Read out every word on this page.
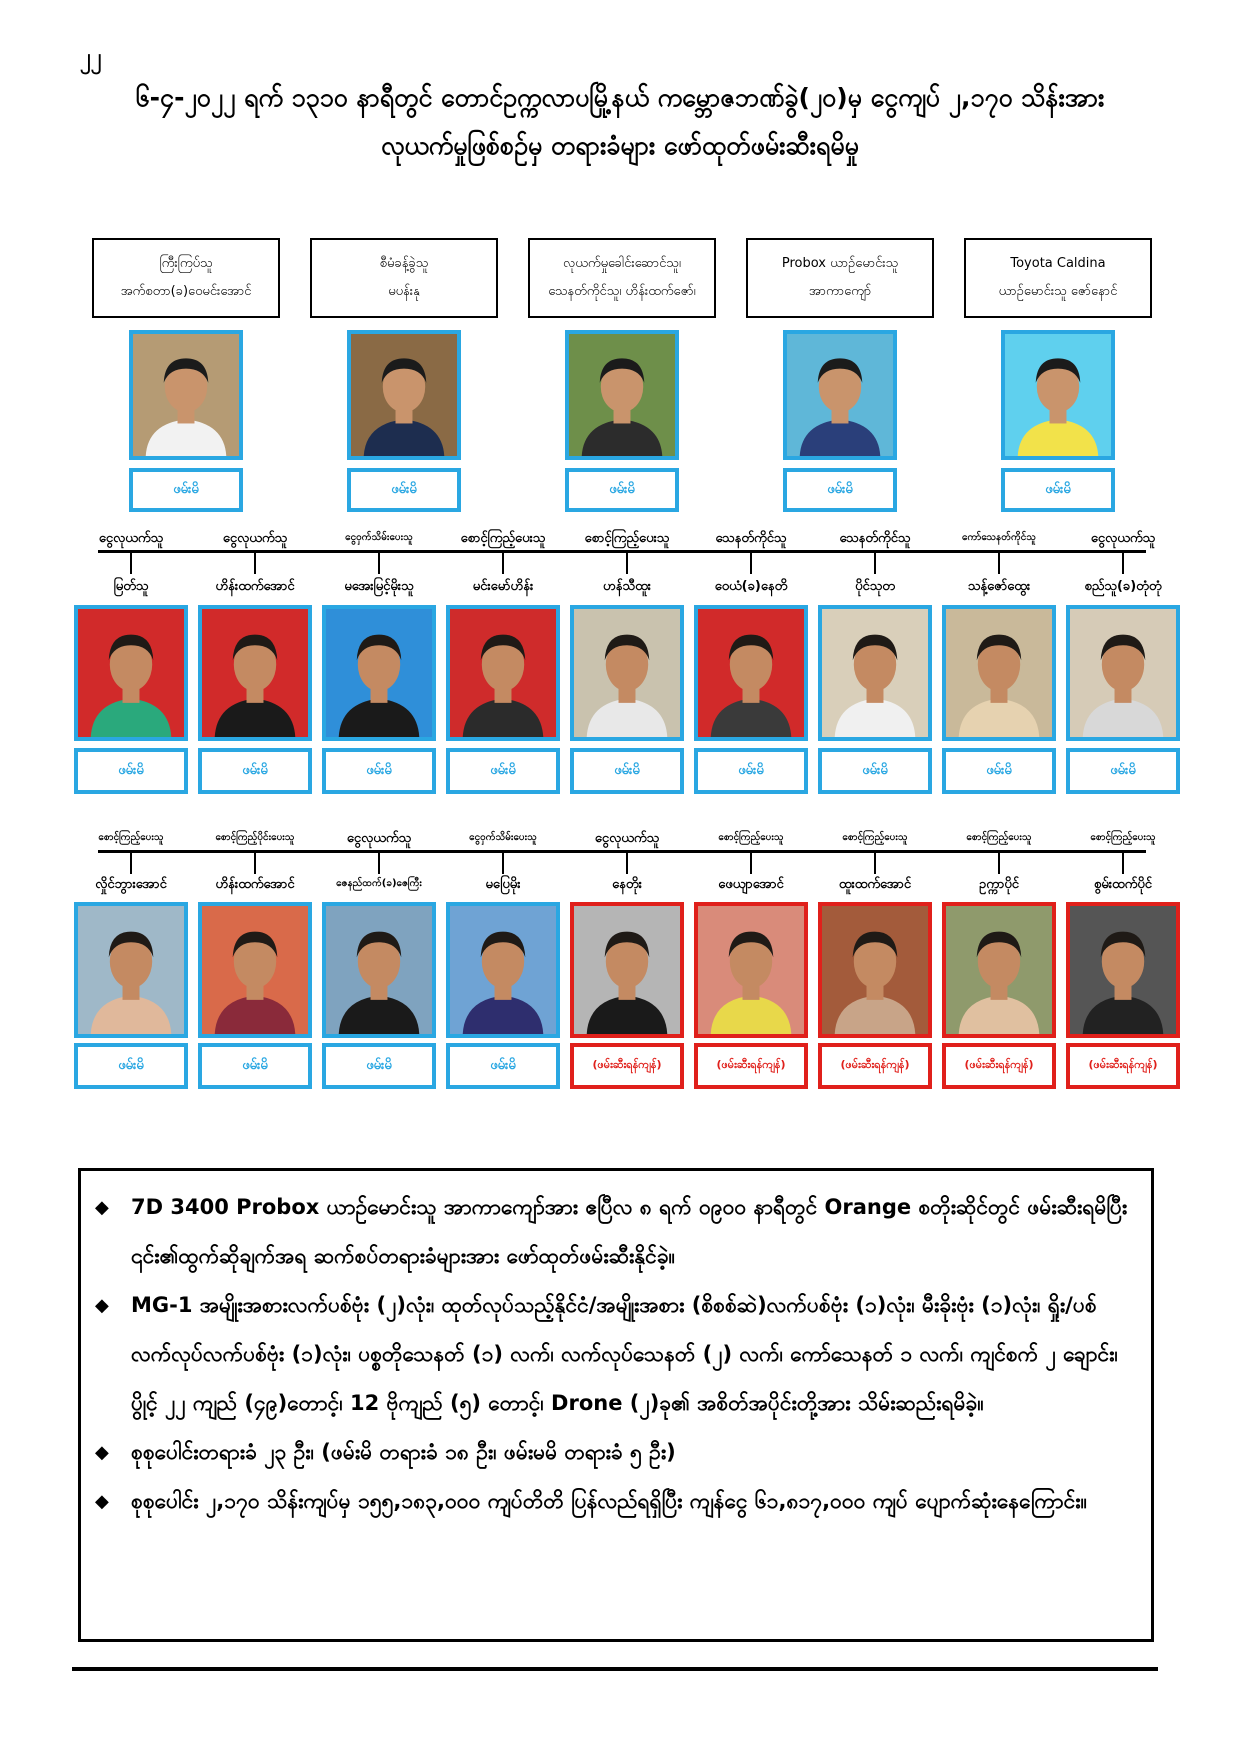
၂၂
၆-၄-၂၀၂၂ ရက် ၁၃၁၀ နာရီတွင် တောင်ဥက္ကလာပမြို့နယ် ကမ္ဘောဇဘဏ်ခွဲ(၂၀)မှ ငွေကျပ် ၂,၁၇၀ သိန်းအား
လုယက်မှုဖြစ်စဉ်မှ တရားခံများ ဖော်ထုတ်ဖမ်းဆီးရမိမှု
ကြီးကြပ်သူ
အက်စတာ(ခ)ဝေမင်းအောင်
ဖမ်းမိ
စီမံခန့်ခွဲသူ
မပန်းနု
ဖမ်းမိ
လုယက်မှုခေါင်းဆောင်သူ၊
သေနတ်ကိုင်သူ၊ ဟိန်းထက်ဇော်၊
ဖမ်းမိ
Probox ယာဉ်မောင်းသူ
အာကာကျော်
ဖမ်းမိ
Toyota Caldina
ယာဉ်မောင်းသူ ဇော်နောင်
ဖမ်းမိ
ငွေလုယက်သူ
မြတ်သူ
ဖမ်းမိ
ငွေလုယက်သူ
ဟိန်းထက်အောင်
ဖမ်းမိ
ငွေဝှက်သိမ်းပေးသူ
မအေးမြင့်မိုးသူ
ဖမ်းမိ
စောင့်ကြည့်ပေးသူ
မင်းမော်ဟိန်း
ဖမ်းမိ
စောင့်ကြည့်ပေးသူ
ဟန်သီထူး
ဖမ်းမိ
သေနတ်ကိုင်သူ
ဝေယံ(ခ)နေတိ
ဖမ်းမိ
သေနတ်ကိုင်သူ
ပိုင်သုတ
ဖမ်းမိ
ကော်သေနတ်ကိုင်သူ
သန့်ဇော်ထွေး
ဖမ်းမိ
ငွေလုယက်သူ
စည်သူ(ခ)တုံတုံ
ဖမ်းမိ
စောင့်ကြည့်ပေးသူ
လှိုင်ဘွားအောင်
ဖမ်းမိ
စောင့်ကြည့်ပိုင်းပေးသူ
ဟိန်းထက်အောင်
ဖမ်းမိ
ငွေလုယက်သူ
ဇေနည်ထက်(ခ)ဇေကြီး
ဖမ်းမိ
ငွေဝှက်သိမ်းပေးသူ
မပြေမိုး
ဖမ်းမိ
ငွေလုယက်သူ
နေတိုး
(ဖမ်းဆီးရန်ကျန်)
စောင့်ကြည့်ပေးသူ
ဖေယျာအောင်
(ဖမ်းဆီးရန်ကျန်)
စောင့်ကြည့်ပေးသူ
ထူးထက်အောင်
(ဖမ်းဆီးရန်ကျန်)
စောင့်ကြည့်ပေးသူ
ဥက္ကာပိုင်
(ဖမ်းဆီးရန်ကျန်)
စောင့်ကြည့်ပေးသူ
စွမ်းထက်ပိုင်
(ဖမ်းဆီးရန်ကျန်)
◆ 7D 3400 Probox ယာဉ်မောင်းသူ အာကာကျော်အား ဧပြီလ ၈ ရက် ၀၉၀၀ နာရီတွင် Orange စတိုးဆိုင်တွင် ဖမ်းဆီးရမိပြီး ၎င်း၏ထွက်ဆိုချက်အရ ဆက်စပ်တရားခံများအား ဖော်ထုတ်ဖမ်းဆီးနိုင်ခဲ့။
◆ MG-1 အမျိုးအစားလက်ပစ်ဗုံး (၂)လုံး၊ ထုတ်လုပ်သည့်နိုင်ငံ/အမျိုးအစား (စိစစ်ဆဲ)လက်ပစ်ဗုံး (၁)လုံး၊ မီးခိုးဗုံး (၁)လုံး၊ ရှိုး/ပစ်လက်လုပ်လက်ပစ်ဗုံး (၁)လုံး၊ ပစ္စတိုသေနတ် (၁) လက်၊ လက်လုပ်သေနတ် (၂) လက်၊ ကော်သေနတ် ၁ လက်၊ ကျင်စက် ၂ ချောင်း၊ ပွိုင့် ၂၂ ကျည် (၄၉)တောင့်၊ 12 ဗိုကျည် (၅) တောင့်၊ Drone (၂)ခု၏ အစိတ်အပိုင်းတို့အား သိမ်းဆည်းရမိခဲ့။
◆ စုစုပေါင်းတရားခံ ၂၃ ဦး၊ (ဖမ်းမိ တရားခံ ၁၈ ဦး၊ ဖမ်းမမိ တရားခံ ၅ ဦး)
◆ စုစုပေါင်း ၂,၁၇၀ သိန်းကျပ်မှ ၁၅၅,၁၈၃,၀၀၀ ကျပ်တိတိ ပြန်လည်ရရှိပြီး ကျန်ငွေ ၆၁,၈၁၇,၀၀၀ ကျပ် ပျောက်ဆုံးနေကြောင်း။
